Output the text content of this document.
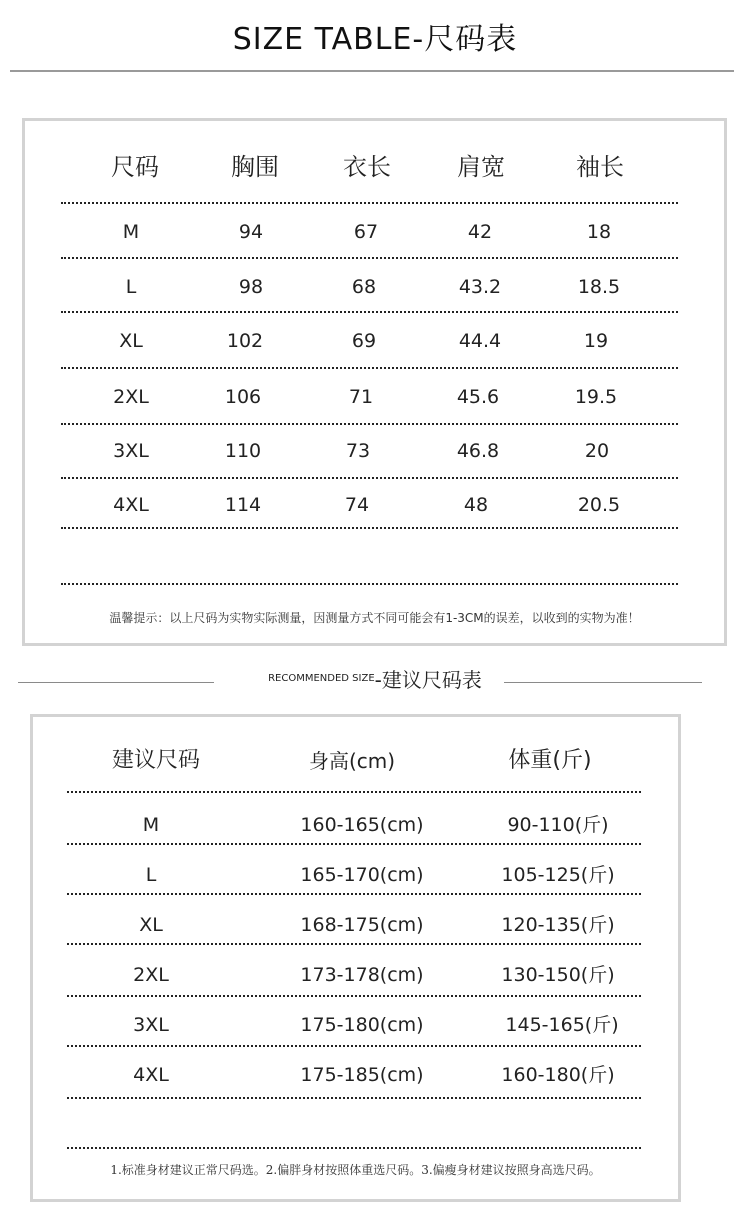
SIZE TABLE-尺码表
尺码	胸围	衣长	肩宽	袖长
M	94	67	42	18
L	98	68	43.2	18.5
XL	102	69	44.4	19
2XL	106	71	45.6	19.5
3XL	110	73	46.8	20
4XL	114	74	48	20.5
温馨提示：以上尺码为实物实际测量，因测量方式不同可能会有1-3CM的误差，以收到的实物为准！
RECOMMENDED SIZE-建议尺码表
建议尺码	身高(cm)	体重(斤)
M	160-165(cm)	90-110(斤)
L	165-170(cm)	105-125(斤)
XL	168-175(cm)	120-135(斤)
2XL	173-178(cm)	130-150(斤)
3XL	175-180(cm)	145-165(斤)
4XL	175-185(cm)	160-180(斤)
1.标准身材建议正常尺码选。2.偏胖身材按照体重选尺码。3.偏瘦身材建议按照身高选尺码。
